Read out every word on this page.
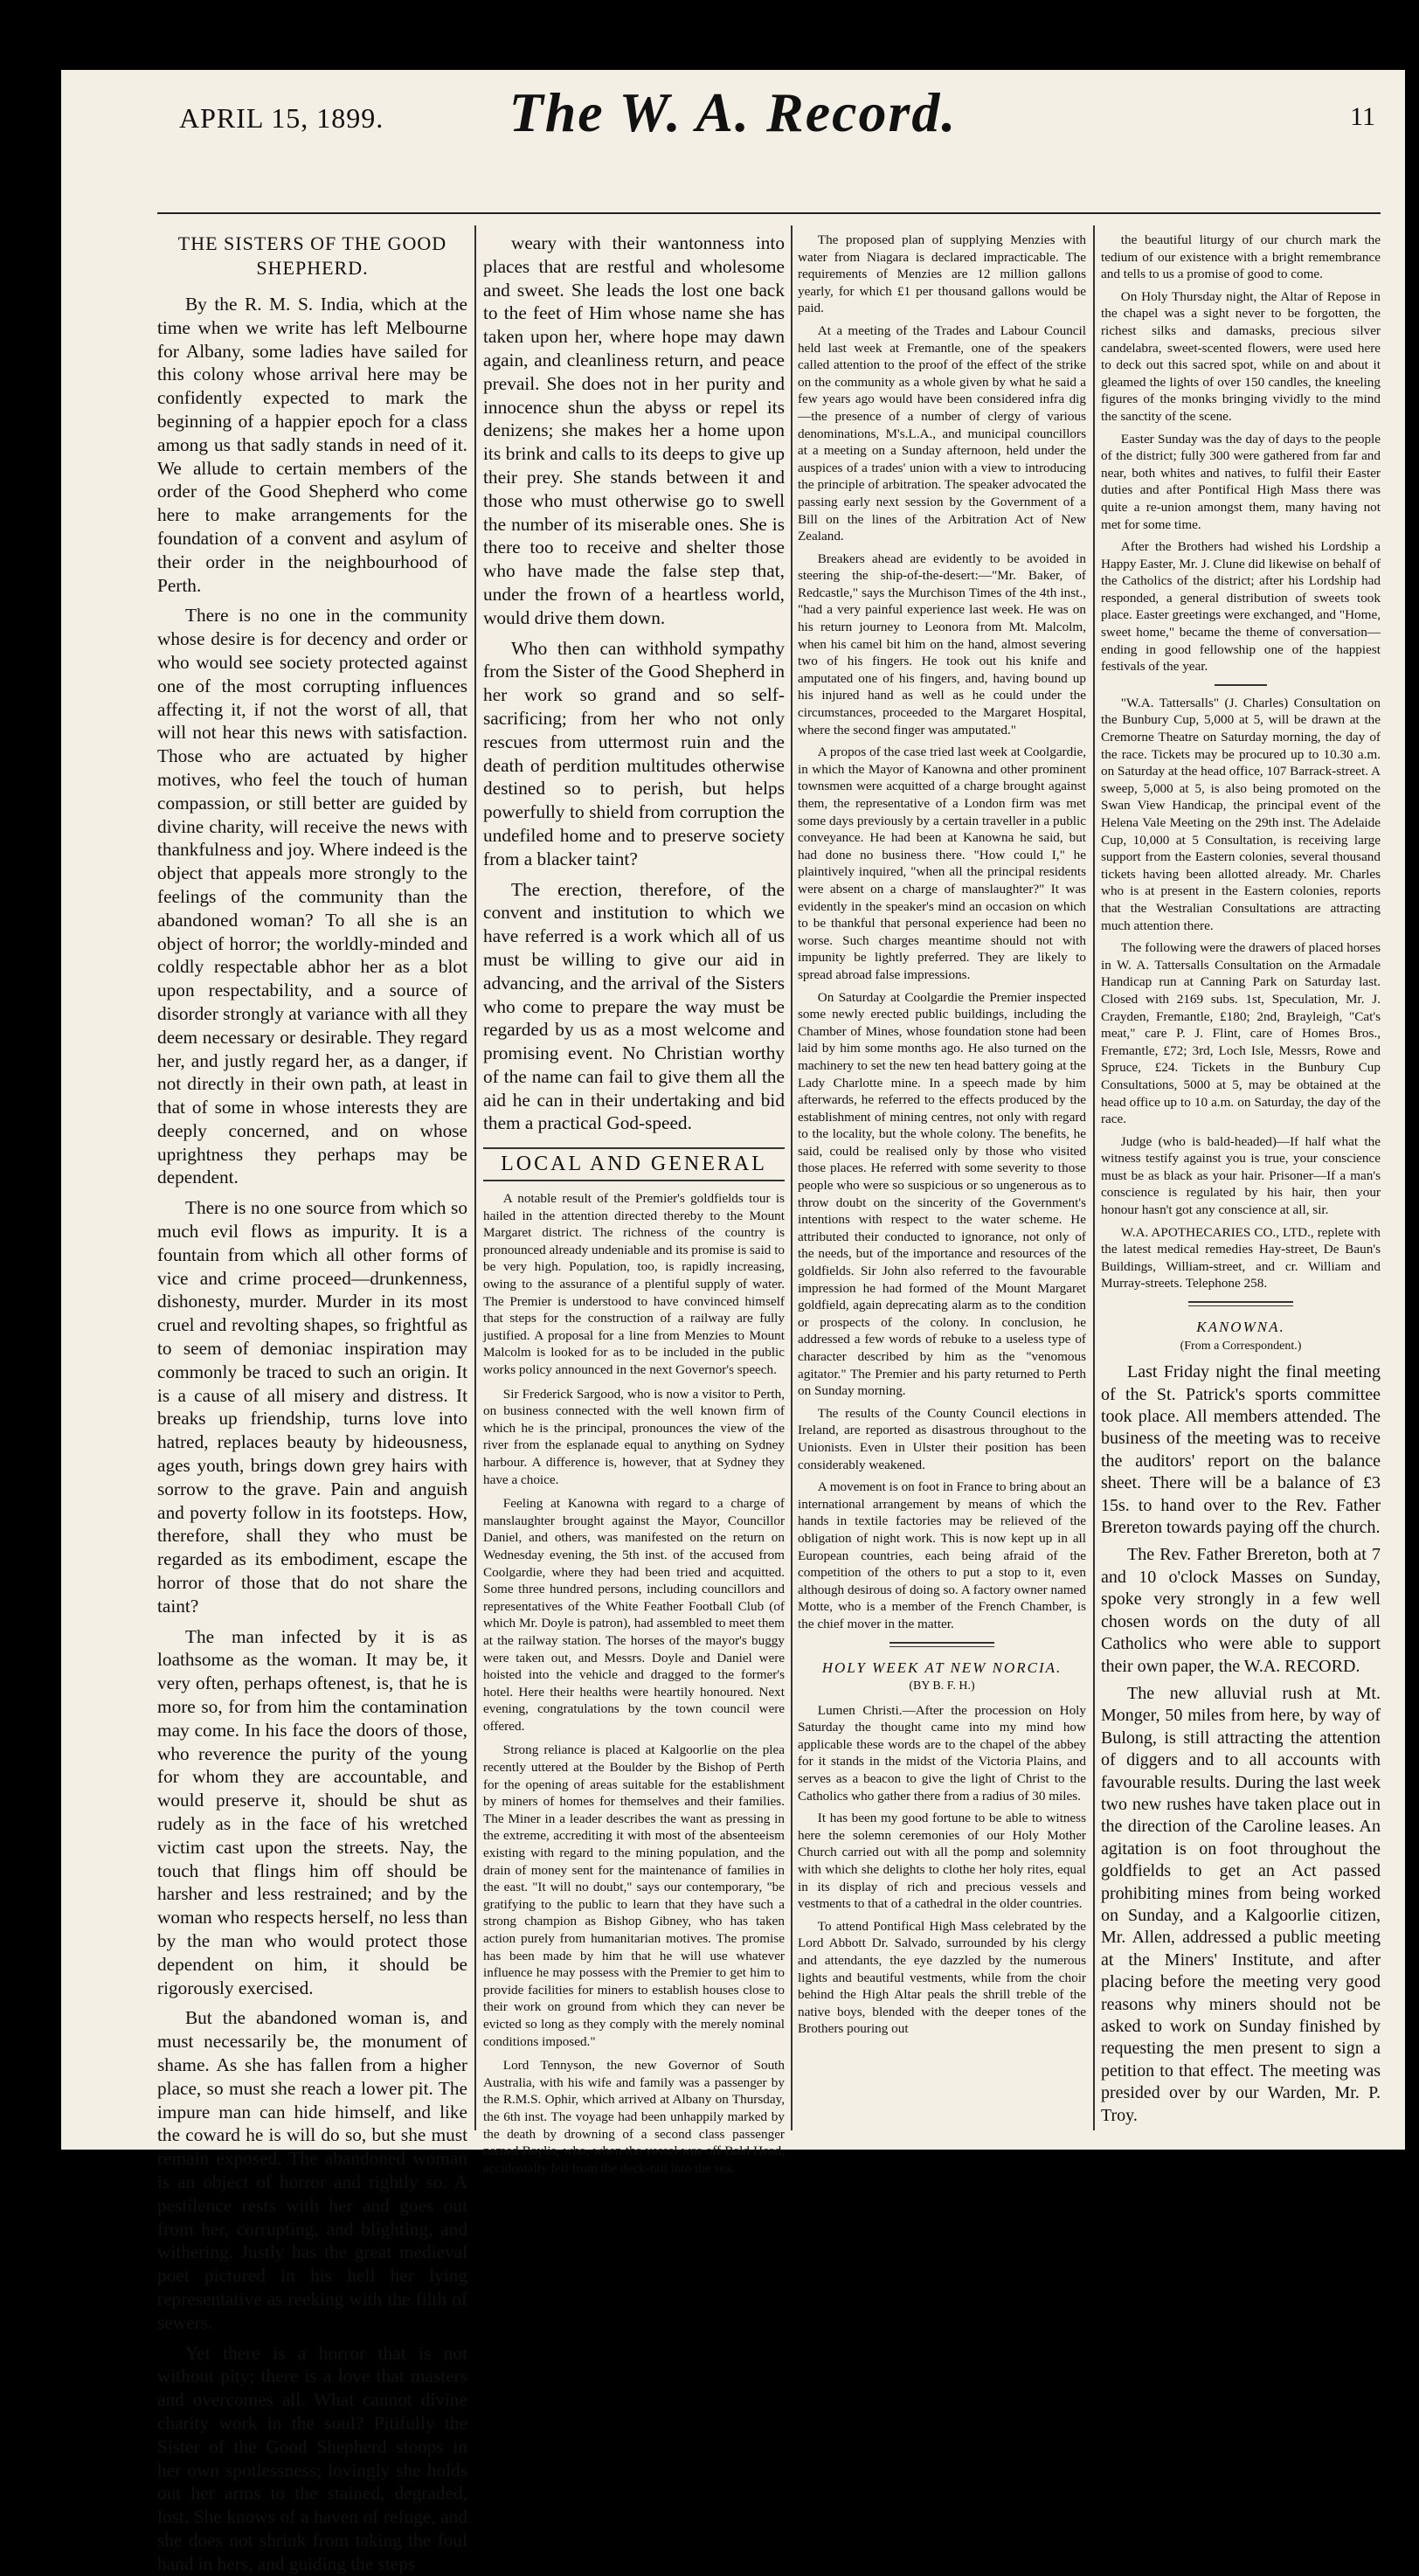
APRIL 15, 1899.	The W. A. Record.	11
THE SISTERS OF THE GOOD SHEPHERD.

By the R. M. S. India, which at the time when we write has left Melbourne for Albany, some ladies have sailed for this colony whose arrival here may be confidently expected to mark the beginning of a happier epoch for a class among us that sadly stands in need of it. We allude to certain members of the order of the Good Shepherd who come here to make arrangements for the foundation of a convent and asylum of their order in the neighbourhood of Perth.

There is no one in the community whose desire is for decency and order or who would see society protected against one of the most corrupting influences affecting it, if not the worst of all, that will not hear this news with satisfaction. Those who are actuated by higher motives, who feel the touch of human compassion, or still better are guided by divine charity, will receive the news with thankfulness and joy. Where indeed is the object that appeals more strongly to the feelings of the community than the abandoned woman? To all she is an object of horror; the worldly-minded and coldly respectable abhor her as a blot upon respectability, and a source of disorder strongly at variance with all they deem necessary or desirable. They regard her, and justly regard her, as a danger, if not directly in their own path, at least in that of some in whose interests they are deeply concerned, and on whose uprightness they perhaps may be dependent.

There is no one source from which so much evil flows as impurity. It is a fountain from which all other forms of vice and crime proceed—drunkenness, dishonesty, murder. Murder in its most cruel and revolting shapes, so frightful as to seem of demoniac inspiration may commonly be traced to such an origin. It is a cause of all misery and distress. It breaks up friendship, turns love into hatred, replaces beauty by hideousness, ages youth, brings down grey hairs with sorrow to the grave. Pain and anguish and poverty follow in its footsteps. How, therefore, shall they who must be regarded as its embodiment, escape the horror of those that do not share the taint?

The man infected by it is as loathsome as the woman. It may be, it very often, perhaps oftenest, is, that he is more so, for from him the contamination may come. In his face the doors of those, who reverence the purity of the young for whom they are accountable, and would preserve it, should be shut as rudely as in the face of his wretched victim cast upon the streets. Nay, the touch that flings him off should be harsher and less restrained; and by the woman who respects herself, no less than by the man who would protect those dependent on him, it should be rigorously exercised.

But the abandoned woman is, and must necessarily be, the monument of shame. As she has fallen from a higher place, so must she reach a lower pit. The impure man can hide himself, and like the coward he is will do so, but she must remain exposed. The abandoned woman is an object of horror and rightly so. A pestilence rests with her and goes out from her, corrupting, and blighting, and withering. Justly has the great medieval poet pictured in his hell her lying representative as reeking with the filth of sewers.

Yet there is a horror that is not without pity; there is a love that masters and overcomes all. What cannot divine charity work in the soul? Pitifully the Sister of the Good Shepherd stoops in her own spotlessness; lovingly she holds out her arms to the stained, degraded, lost. She knows of a haven of refuge, and she does not shrink from taking the foul hand in hers, and guiding the steps

weary with their wantonness into places that are restful and wholesome and sweet. She leads the lost one back to the feet of Him whose name she has taken upon her, where hope may dawn again, and cleanliness return, and peace prevail. She does not in her purity and innocence shun the abyss or repel its denizens; she makes her a home upon its brink and calls to its deeps to give up their prey. She stands between it and those who must otherwise go to swell the number of its miserable ones. She is there too to receive and shelter those who have made the false step that, under the frown of a heartless world, would drive them down.

Who then can withhold sympathy from the Sister of the Good Shepherd in her work so grand and so self-sacrificing; from her who not only rescues from uttermost ruin and the death of perdition multitudes otherwise destined so to perish, but helps powerfully to shield from corruption the undefiled home and to preserve society from a blacker taint?

The erection, therefore, of the convent and institution to which we have referred is a work which all of us must be willing to give our aid in advancing, and the arrival of the Sisters who come to prepare the way must be regarded by us as a most welcome and promising event. No Christian worthy of the name can fail to give them all the aid he can in their undertaking and bid them a practical God-speed.

LOCAL AND GENERAL

A notable result of the Premier's goldfields tour is hailed in the attention directed thereby to the Mount Margaret district. The richness of the country is pronounced already undeniable and its promise is said to be very high. Population, too, is rapidly increasing, owing to the assurance of a plentiful supply of water. The Premier is understood to have convinced himself that steps for the construction of a railway are fully justified. A proposal for a line from Menzies to Mount Malcolm is looked for as to be included in the public works policy announced in the next Governor's speech.

Sir Frederick Sargood, who is now a visitor to Perth, on business connected with the well known firm of which he is the principal, pronounces the view of the river from the esplanade equal to anything on Sydney harbour. A difference is, however, that at Sydney they have a choice.

Feeling at Kanowna with regard to a charge of manslaughter brought against the Mayor, Councillor Daniel, and others, was manifested on the return on Wednesday evening, the 5th inst. of the accused from Coolgardie, where they had been tried and acquitted. Some three hundred persons, including councillors and representatives of the White Feather Football Club (of which Mr. Doyle is patron), had assembled to meet them at the railway station. The horses of the mayor's buggy were taken out, and Messrs. Doyle and Daniel were hoisted into the vehicle and dragged to the former's hotel. Here their healths were heartily honoured. Next evening, congratulations by the town council were offered.

Strong reliance is placed at Kalgoorlie on the plea recently uttered at the Boulder by the Bishop of Perth for the opening of areas suitable for the establishment by miners of homes for themselves and their families. The Miner in a leader describes the want as pressing in the extreme, accrediting it with most of the absenteeism existing with regard to the mining population, and the drain of money sent for the maintenance of families in the east. "It will no doubt," says our contemporary, "be gratifying to the public to learn that they have such a strong champion as Bishop Gibney, who has taken action purely from humanitarian motives. The promise has been made by him that he will use whatever influence he may possess with the Premier to get him to provide facilities for miners to establish houses close to their work on ground from which they can never be evicted so long as they comply with the merely nominal conditions imposed."

Lord Tennyson, the new Governor of South Australia, with his wife and family was a passenger by the R.M.S. Ophir, which arrived at Albany on Thursday, the 6th inst. The voyage had been unhappily marked by the death by drowning of a second class passenger named Baylis, who, when the vessel was off Bald Head, accidentally fell from the deck-rail into the sea.

The proposed plan of supplying Menzies with water from Niagara is declared impracticable. The requirements of Menzies are 12 million gallons yearly, for which £1 per thousand gallons would be paid.

At a meeting of the Trades and Labour Council held last week at Fremantle, one of the speakers called attention to the proof of the effect of the strike on the community as a whole given by what he said a few years ago would have been considered infra dig—the presence of a number of clergy of various denominations, M's.L.A., and municipal councillors at a meeting on a Sunday afternoon, held under the auspices of a trades' union with a view to introducing the principle of arbitration. The speaker advocated the passing early next session by the Government of a Bill on the lines of the Arbitration Act of New Zealand.

Breakers ahead are evidently to be avoided in steering the ship-of-the-desert:—"Mr. Baker, of Redcastle," says the Murchison Times of the 4th inst., "had a very painful experience last week. He was on his return journey to Leonora from Mt. Malcolm, when his camel bit him on the hand, almost severing two of his fingers. He took out his knife and amputated one of his fingers, and, having bound up his injured hand as well as he could under the circumstances, proceeded to the Margaret Hospital, where the second finger was amputated."

A propos of the case tried last week at Coolgardie, in which the Mayor of Kanowna and other prominent townsmen were acquitted of a charge brought against them, the representative of a London firm was met some days previously by a certain traveller in a public conveyance. He had been at Kanowna he said, but had done no business there. "How could I," he plaintively inquired, "when all the principal residents were absent on a charge of manslaughter?" It was evidently in the speaker's mind an occasion on which to be thankful that personal experience had been no worse. Such charges meantime should not with impunity be lightly preferred. They are likely to spread abroad false impressions.

On Saturday at Coolgardie the Premier inspected some newly erected public buildings, including the Chamber of Mines, whose foundation stone had been laid by him some months ago. He also turned on the machinery to set the new ten head battery going at the Lady Charlotte mine. In a speech made by him afterwards, he referred to the effects produced by the establishment of mining centres, not only with regard to the locality, but the whole colony. The benefits, he said, could be realised only by those who visited those places. He referred with some severity to those people who were so suspicious or so ungenerous as to throw doubt on the sincerity of the Government's intentions with respect to the water scheme. He attributed their conducted to ignorance, not only of the needs, but of the importance and resources of the goldfields. Sir John also referred to the favourable impression he had formed of the Mount Margaret goldfield, again deprecating alarm as to the condition or prospects of the colony. In conclusion, he addressed a few words of rebuke to a useless type of character described by him as the "venomous agitator." The Premier and his party returned to Perth on Sunday morning.

The results of the County Council elections in Ireland, are reported as disastrous throughout to the Unionists. Even in Ulster their position has been considerably weakened.

A movement is on foot in France to bring about an international arrangement by means of which the hands in textile factories may be relieved of the obligation of night work. This is now kept up in all European countries, each being afraid of the competition of the others to put a stop to it, even although desirous of doing so. A factory owner named Motte, who is a member of the French Chamber, is the chief mover in the matter.

HOLY WEEK AT NEW NORCIA.
(BY B. F. H.)

Lumen Christi.—After the procession on Holy Saturday the thought came into my mind how applicable these words are to the chapel of the abbey for it stands in the midst of the Victoria Plains, and serves as a beacon to give the light of Christ to the Catholics who gather there from a radius of 30 miles.

It has been my good fortune to be able to witness here the solemn ceremonies of our Holy Mother Church carried out with all the pomp and solemnity with which she delights to clothe her holy rites, equal in its display of rich and precious vessels and vestments to that of a cathedral in the older countries.

To attend Pontifical High Mass celebrated by the Lord Abbott Dr. Salvado, surrounded by his clergy and attendants, the eye dazzled by the numerous lights and beautiful vestments, while from the choir behind the High Altar peals the shrill treble of the native boys, blended with the deeper tones of the Brothers pouring out

the beautiful liturgy of our church mark the tedium of our existence with a bright remembrance and tells to us a promise of good to come.

On Holy Thursday night, the Altar of Repose in the chapel was a sight never to be forgotten, the richest silks and damasks, precious silver candelabra, sweet-scented flowers, were used here to deck out this sacred spot, while on and about it gleamed the lights of over 150 candles, the kneeling figures of the monks bringing vividly to the mind the sanctity of the scene.

Easter Sunday was the day of days to the people of the district; fully 300 were gathered from far and near, both whites and natives, to fulfil their Easter duties and after Pontifical High Mass there was quite a re-union amongst them, many having not met for some time.

After the Brothers had wished his Lordship a Happy Easter, Mr. J. Clune did likewise on behalf of the Catholics of the district; after his Lordship had responded, a general distribution of sweets took place. Easter greetings were exchanged, and "Home, sweet home," became the theme of conversation—ending in good fellowship one of the happiest festivals of the year.

"W.A. Tattersalls" (J. Charles) Consultation on the Bunbury Cup, 5,000 at 5, will be drawn at the Cremorne Theatre on Saturday morning, the day of the race. Tickets may be procured up to 10.30 a.m. on Saturday at the head office, 107 Barrack-street. A sweep, 5,000 at 5, is also being promoted on the Swan View Handicap, the principal event of the Helena Vale Meeting on the 29th inst. The Adelaide Cup, 10,000 at 5 Consultation, is receiving large support from the Eastern colonies, several thousand tickets having been allotted already. Mr. Charles who is at present in the Eastern colonies, reports that the Westralian Consultations are attracting much attention there.

The following were the drawers of placed horses in W. A. Tattersalls Consultation on the Armadale Handicap run at Canning Park on Saturday last. Closed with 2169 subs. 1st, Speculation, Mr. J. Crayden, Fremantle, £180; 2nd, Brayleigh, "Cat's meat," care P. J. Flint, care of Homes Bros., Fremantle, £72; 3rd, Loch Isle, Messrs, Rowe and Spruce, £24. Tickets in the Bunbury Cup Consultations, 5000 at 5, may be obtained at the head office up to 10 a.m. on Saturday, the day of the race.

Judge (who is bald-headed)—If half what the witness testify against you is true, your conscience must be as black as your hair. Prisoner—If a man's conscience is regulated by his hair, then your honour hasn't got any conscience at all, sir.

W.A. APOTHECARIES CO., LTD., replete with the latest medical remedies Hay-street, De Baun's Buildings, William-street, and cr. William and Murray-streets. Telephone 258.

KANOWNA.
(From a Correspondent.)

Last Friday night the final meeting of the St. Patrick's sports committee took place. All members attended. The business of the meeting was to receive the auditors' report on the balance sheet. There will be a balance of £3 15s. to hand over to the Rev. Father Brereton towards paying off the church.

The Rev. Father Brereton, both at 7 and 10 o'clock Masses on Sunday, spoke very strongly in a few well chosen words on the duty of all Catholics who were able to support their own paper, the W.A. RECORD.

The new alluvial rush at Mt. Monger, 50 miles from here, by way of Bulong, is still attracting the attention of diggers and to all accounts with favourable results. During the last week two new rushes have taken place out in the direction of the Caroline leases. An agitation is on foot throughout the goldfields to get an Act passed prohibiting mines from being worked on Sunday, and a Kalgoorlie citizen, Mr. Allen, addressed a public meeting at the Miners' Institute, and after placing before the meeting very good reasons why miners should not be asked to work on Sunday finished by requesting the men present to sign a petition to that effect. The meeting was presided over by our Warden, Mr. P. Troy.
